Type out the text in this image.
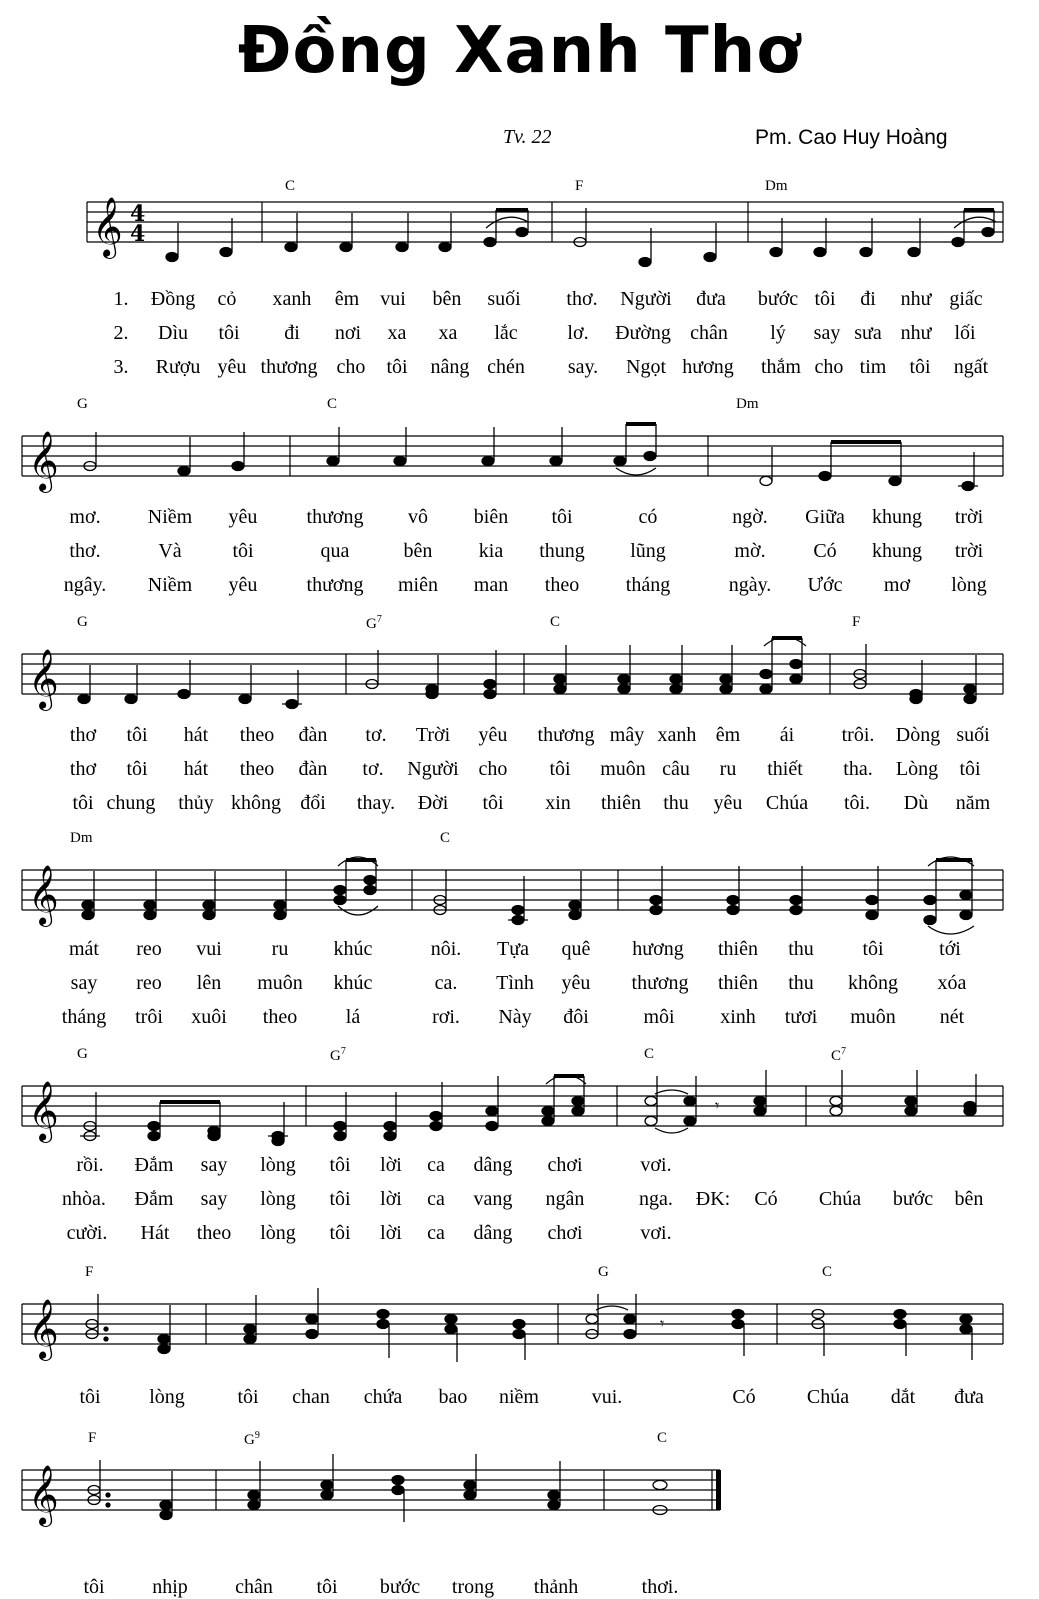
Đồng Xanh Thơ
Tv. 22	Pm. Cao Huy Hoàng
𝄞 4
4
C	F	Dm
1. Đồng cỏ xanh êm vui bên suối thơ. Người đưa bước tôi đi như giấc
2. Dìu tôi đi nơi xa xa lắc lơ. Đường chân lý say sưa như lối
3. Rượu yêu thương cho tôi nâng chén say. Ngọt hương thắm cho tim tôi ngất
𝄞
G	C	Dm
mơ. Niềm yêu thương vô biên tôi	có	ngờ. Giữa khung trời
thơ.	Và	tôi	qua	bên kia thung lũng	mờ. Có khung trời
ngây. Niềm yêu thương miên man theo tháng	ngày. Ước mơ lòng
𝄞
G	$G^7$	C	F
thơ tôi hát theo đàn tơ. Trời yêu thương mây xanh êm ái trôi. Dòng suối
thơ tôi hát theo đàn tơ. Người cho tôi muôn câu ru thiết tha. Lòng tôi
tôi chung thủy không đổi thay. Đời tôi xin thiên thu yêu Chúa tôi. Dù năm
𝄞
Dm	C
mát reo vui ru khúc	nôi. Tựa quê hương thiên thu tôi	tới
say reo lên muôn khúc	ca. Tình yêu thương thiên thu không xóa
tháng trôi xuôi theo lá	rơi. Này đôi	môi xinh tươi muôn nét
𝄞	𝄾
G	$G^7$	C	$C^7$
rồi. Đắm say lòng tôi lời ca dâng chơi	vơi.
nhòa. Đắm say lòng tôi lời ca vang ngân	nga. ĐK: Có Chúa bước bên
cười. Hát theo lòng tôi lời ca dâng chơi	vơi.
𝄞	𝄾
F	G	C
tôi lòng	tôi chan chứa bao niềm	vui.	Có	Chúa dắt đưa
𝄞
F	$G^9$	C
tôi nhịp chân tôi bước trong thảnh	thơi.
